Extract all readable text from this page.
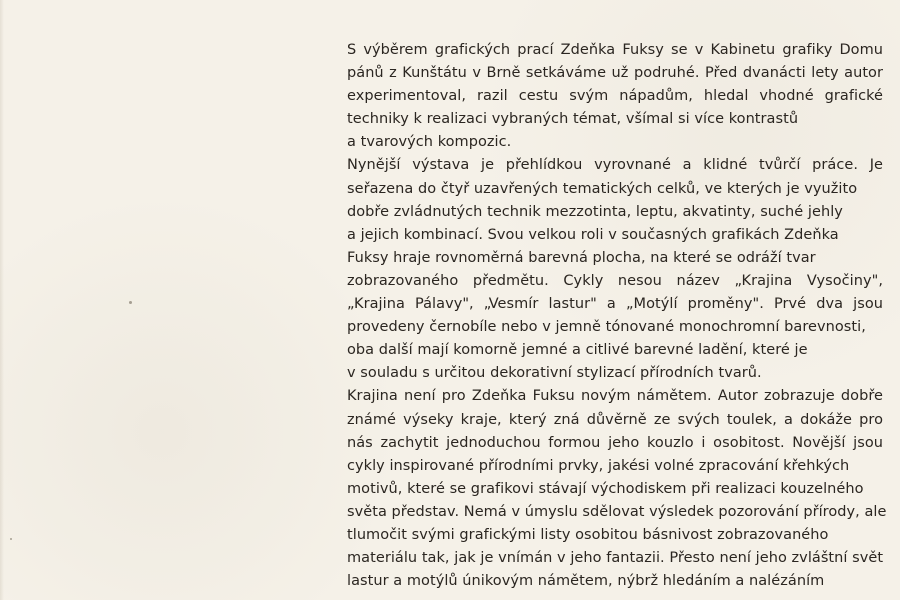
S výběrem grafických prací Zdeňka Fuksy se v Kabinetu grafiky Domu
pánů z Kunštátu v Brně setkáváme už podruhé. Před dvanácti lety autor
experimentoval, razil cestu svým nápadům, hledal vhodné grafické
techniky k realizaci vybraných témat, všímal si více kontrastů
a tvarových kompozic.
Nynější výstava je přehlídkou vyrovnané a klidné tvůrčí práce. Je
seřazena do čtyř uzavřených tematických celků, ve kterých je využito
dobře zvládnutých technik mezzotinta, leptu, akvatinty, suché jehly
a jejich kombinací. Svou velkou roli v současných grafikách Zdeňka
Fuksy hraje rovnoměrná barevná plocha, na které se odráží tvar
zobrazovaného předmětu. Cykly nesou název „Krajina Vysočiny",
„Krajina Pálavy", „Vesmír lastur" a „Motýlí proměny". Prvé dva jsou
provedeny černobíle nebo v jemně tónované monochromní barevnosti,
oba další mají komorně jemné a citlivé barevné ladění, které je
v souladu s určitou dekorativní stylizací přírodních tvarů.
Krajina není pro Zdeňka Fuksu novým námětem. Autor zobrazuje dobře
známé výseky kraje, který zná důvěrně ze svých toulek, a dokáže pro
nás zachytit jednoduchou formou jeho kouzlo i osobitost. Novější jsou
cykly inspirované přírodními prvky, jakési volné zpracování křehkých
motivů, které se grafikovi stávají východiskem při realizaci kouzelného
světa představ. Nemá v úmyslu sdělovat výsledek pozorování přírody, ale
tlumočit svými grafickými listy osobitou básnivost zobrazovaného
materiálu tak, jak je vnímán v jeho fantazii. Přesto není jeho zvláštní svět
lastur a motýlů únikovým námětem, nýbrž hledáním a nalézáním
